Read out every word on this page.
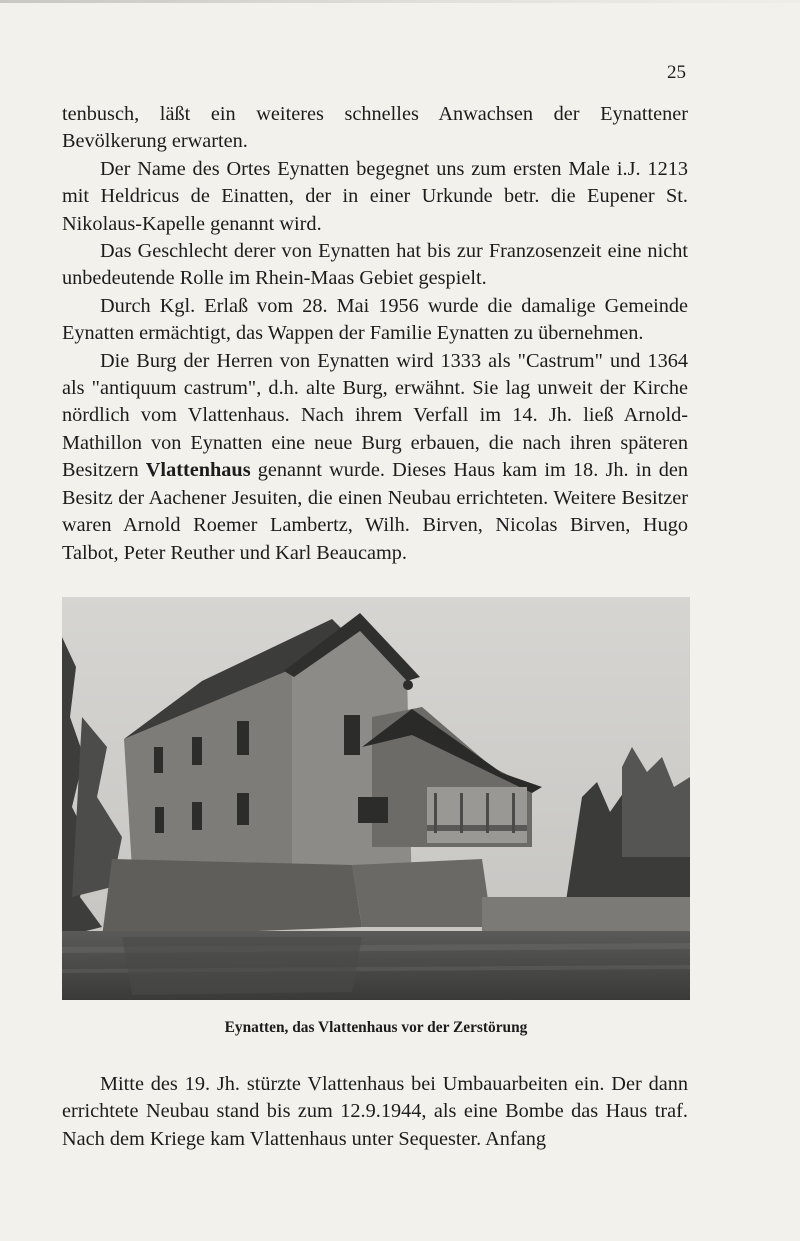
25

tenbusch, läßt ein weiteres schnelles Anwachsen der Eynattener Bevölkerung erwarten.

Der Name des Ortes Eynatten begegnet uns zum ersten Male i.J. 1213 mit Heldricus de Einatten, der in einer Urkunde betr. die Eupener St. Nikolaus-Kapelle genannt wird.

Das Geschlecht derer von Eynatten hat bis zur Franzosenzeit eine nicht unbedeutende Rolle im Rhein-Maas Gebiet gespielt.

Durch Kgl. Erlaß vom 28. Mai 1956 wurde die damalige Gemeinde Eynatten ermächtigt, das Wappen der Familie Eynatten zu übernehmen.

Die Burg der Herren von Eynatten wird 1333 als "Castrum" und 1364 als "antiquum castrum", d.h. alte Burg, erwähnt. Sie lag unweit der Kirche nördlich vom Vlattenhaus. Nach ihrem Verfall im 14. Jh. ließ Arnold-Mathillon von Eynatten eine neue Burg erbauen, die nach ihren späteren Besitzern Vlattenhaus genannt wurde. Dieses Haus kam im 18. Jh. in den Besitz der Aachener Jesuiten, die einen Neubau errichteten. Weitere Besitzer waren Arnold Roemer Lambertz, Wilh. Birven, Nicolas Birven, Hugo Talbot, Peter Reuther und Karl Beaucamp.

Eynatten, das Vlattenhaus vor der Zerstörung

Mitte des 19. Jh. stürzte Vlattenhaus bei Umbauarbeiten ein. Der dann errichtete Neubau stand bis zum 12.9.1944, als eine Bombe das Haus traf. Nach dem Kriege kam Vlattenhaus unter Sequester. Anfang
